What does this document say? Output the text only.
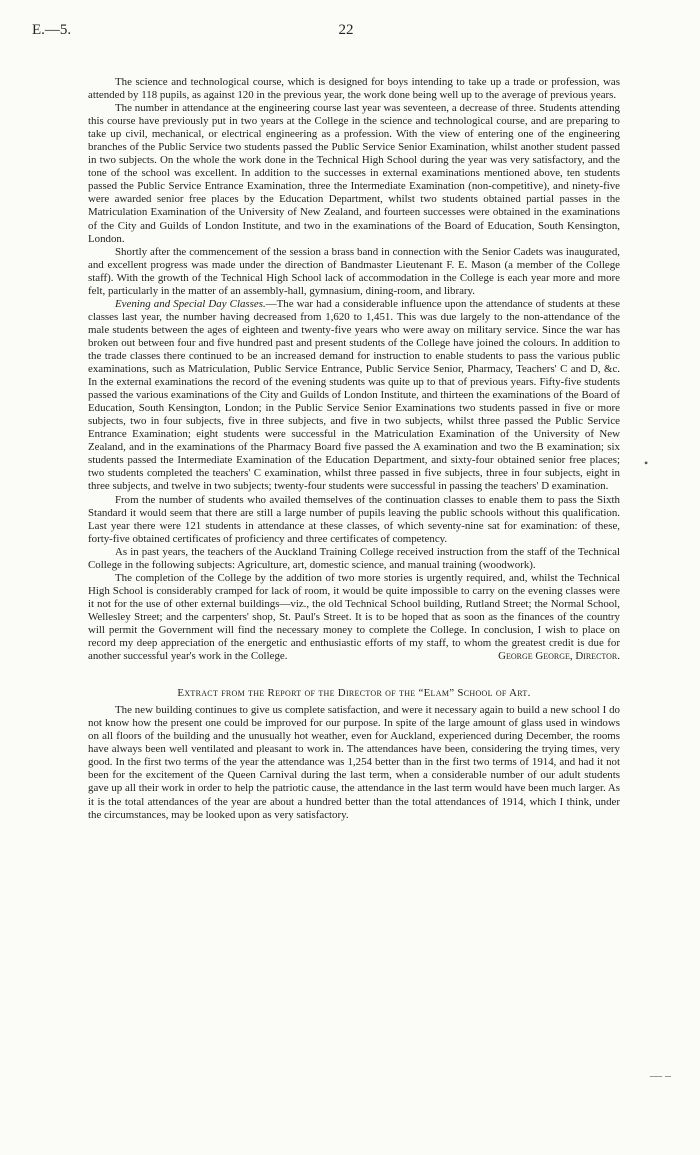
E.—5.	22

The science and technological course, which is designed for boys intending to take up a trade or profession, was attended by 118 pupils, as against 120 in the previous year, the work done being well up to the average of previous years.

The number in attendance at the engineering course last year was seventeen, a decrease of three. Students attending this course have previously put in two years at the College in the science and technological course, and are preparing to take up civil, mechanical, or electrical engineering as a profession. With the view of entering one of the engineering branches of the Public Service two students passed the Public Service Senior Examination, whilst another student passed in two subjects. On the whole the work done in the Technical High School during the year was very satisfactory, and the tone of the school was excellent. In addition to the successes in external examinations mentioned above, ten students passed the Public Service Entrance Examination, three the Intermediate Examination (non-competitive), and ninety-five were awarded senior free places by the Education Department, whilst two students obtained partial passes in the Matriculation Examination of the University of New Zealand, and fourteen successes were obtained in the examinations of the City and Guilds of London Institute, and two in the examinations of the Board of Education, South Kensington, London.

Shortly after the commencement of the session a brass band in connection with the Senior Cadets was inaugurated, and excellent progress was made under the direction of Bandmaster Lieutenant F. E. Mason (a member of the College staff). With the growth of the Technical High School lack of accommodation in the College is each year more and more felt, particularly in the matter of an assembly-hall, gymnasium, dining-room, and library.

Evening and Special Day Classes.—The war had a considerable influence upon the attendance of students at these classes last year, the number having decreased from 1,620 to 1,451. This was due largely to the non-attendance of the male students between the ages of eighteen and twenty-five years who were away on military service. Since the war has broken out between four and five hundred past and present students of the College have joined the colours. In addition to the trade classes there continued to be an increased demand for instruction to enable students to pass the various public examinations, such as Matriculation, Public Service Entrance, Public Service Senior, Pharmacy, Teachers' C and D, &c. In the external examinations the record of the evening students was quite up to that of previous years. Fifty-five students passed the various examinations of the City and Guilds of London Institute, and thirteen the examinations of the Board of Education, South Kensington, London; in the Public Service Senior Examinations two students passed in five or more subjects, two in four subjects, five in three subjects, and five in two subjects, whilst three passed the Public Service Entrance Examination; eight students were successful in the Matriculation Examination of the University of New Zealand, and in the examinations of the Pharmacy Board five passed the A examination and two the B examination; six students passed the Intermediate Examination of the Education Department, and sixty-four obtained senior free places; two students completed the teachers' C examination, whilst three passed in five subjects, three in four subjects, eight in three subjects, and twelve in two subjects; twenty-four students were successful in passing the teachers' D examination.

From the number of students who availed themselves of the continuation classes to enable them to pass the Sixth Standard it would seem that there are still a large number of pupils leaving the public schools without this qualification. Last year there were 121 students in attendance at these classes, of which seventy-nine sat for examination: of these, forty-five obtained certificates of proficiency and three certificates of competency.

As in past years, the teachers of the Auckland Training College received instruction from the staff of the Technical College in the following subjects: Agriculture, art, domestic science, and manual training (woodwork).

The completion of the College by the addition of two more stories is urgently required, and, whilst the Technical High School is considerably cramped for lack of room, it would be quite impossible to carry on the evening classes were it not for the use of other external buildings—viz., the old Technical School building, Rutland Street; the Normal School, Wellesley Street; and the carpenters' shop, St. Paul's Street. It is to be hoped that as soon as the finances of the country will permit the Government will find the necessary money to complete the College. In conclusion, I wish to place on record my deep appreciation of the energetic and enthusiastic efforts of my staff, to whom the greatest credit is due for another successful year's work in the College.	George George, Director.

Extract from the Report of the Director of the “Elam” School of Art.

The new building continues to give us complete satisfaction, and were it necessary again to build a new school I do not know how the present one could be improved for our purpose. In spite of the large amount of glass used in windows on all floors of the building and the unusually hot weather, even for Auckland, experienced during December, the rooms have always been well ventilated and pleasant to work in. The attendances have been, considering the trying times, very good. In the first two terms of the year the attendance was 1,254 better than in the first two terms of 1914, and had it not been for the excitement of the Queen Carnival during the last term, when a considerable number of our adult students gave up all their work in order to help the patriotic cause, the attendance in the last term would have been much larger. As it is the total attendances of the year are about a hundred better than the total attendances of 1914, which I think, under the circumstances, may be looked upon as very satisfactory.

•
— ‒
